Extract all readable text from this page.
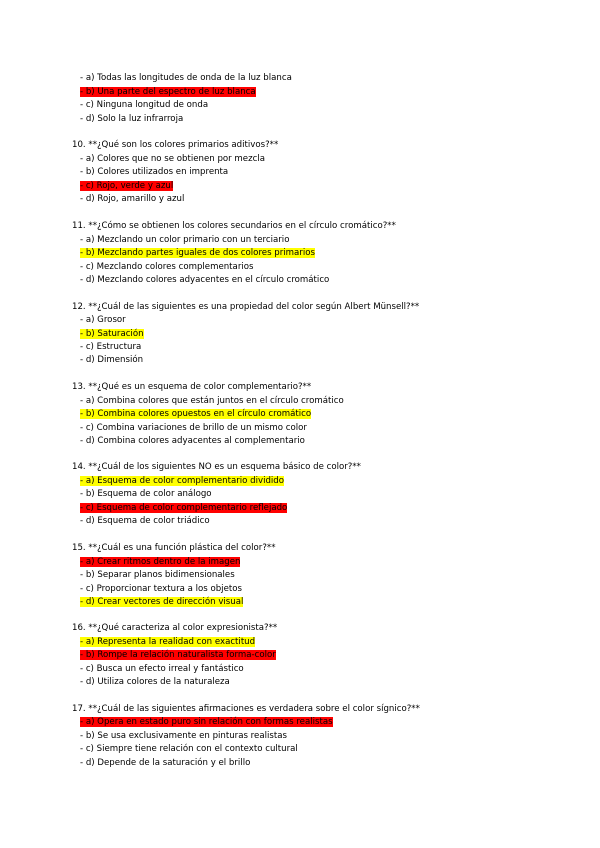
- a) Todas las longitudes de onda de la luz blanca
- b) Una parte del espectro de luz blanca
- c) Ninguna longitud de onda
- d) Solo la luz infrarroja
10. **¿Qué son los colores primarios aditivos?**
- a) Colores que no se obtienen por mezcla
- b) Colores utilizados en imprenta
- c) Rojo, verde y azul
- d) Rojo, amarillo y azul
11. **¿Cómo se obtienen los colores secundarios en el círculo cromático?**
- a) Mezclando un color primario con un terciario
- b) Mezclando partes iguales de dos colores primarios
- c) Mezclando colores complementarios
- d) Mezclando colores adyacentes en el círculo cromático
12. **¿Cuál de las siguientes es una propiedad del color según Albert Münsell?**
- a) Grosor
- b) Saturación
- c) Estructura
- d) Dimensión
13. **¿Qué es un esquema de color complementario?**
- a) Combina colores que están juntos en el círculo cromático
- b) Combina colores opuestos en el círculo cromático
- c) Combina variaciones de brillo de un mismo color
- d) Combina colores adyacentes al complementario
14. **¿Cuál de los siguientes NO es un esquema básico de color?**
- a) Esquema de color complementario dividido
- b) Esquema de color análogo
- c) Esquema de color complementario reflejado
- d) Esquema de color triádico
15. **¿Cuál es una función plástica del color?**
- a) Crear ritmos dentro de la imagen
- b) Separar planos bidimensionales
- c) Proporcionar textura a los objetos
- d) Crear vectores de dirección visual
16. **¿Qué caracteriza al color expresionista?**
- a) Representa la realidad con exactitud
- b) Rompe la relación naturalista forma-color
- c) Busca un efecto irreal y fantástico
- d) Utiliza colores de la naturaleza
17. **¿Cuál de las siguientes afirmaciones es verdadera sobre el color sígnico?**
- a) Opera en estado puro sin relación con formas realistas
- b) Se usa exclusivamente en pinturas realistas
- c) Siempre tiene relación con el contexto cultural
- d) Depende de la saturación y el brillo
